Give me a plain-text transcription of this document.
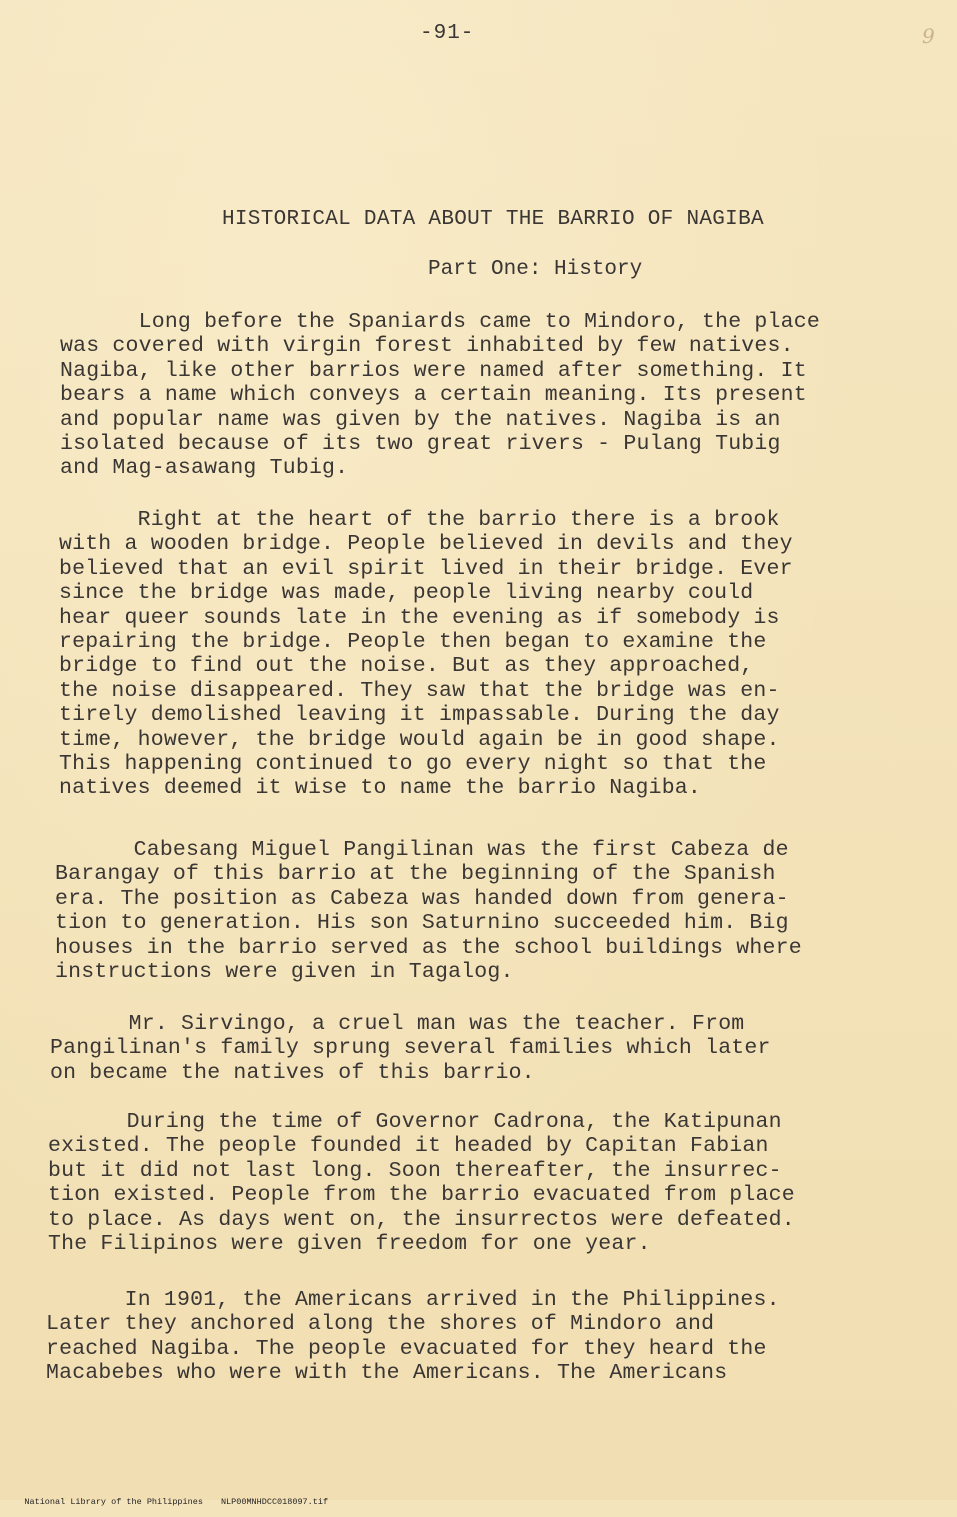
-91-	9
HISTORICAL DATA ABOUT THE BARRIO OF NAGIBA
Part One: History
Long before the Spaniards came to Mindoro, the place
was covered with virgin forest inhabited by few natives.
Nagiba, like other barrios were named after something. It
bears a name which conveys a certain meaning. Its present
and popular name was given by the natives. Nagiba is an
isolated because of its two great rivers - Pulang Tubig
and Mag-asawang Tubig.
Right at the heart of the barrio there is a brook
with a wooden bridge. People believed in devils and they
believed that an evil spirit lived in their bridge. Ever
since the bridge was made, people living nearby could
hear queer sounds late in the evening as if somebody is
repairing the bridge. People then began to examine the
bridge to find out the noise. But as they approached,
the noise disappeared. They saw that the bridge was en-
tirely demolished leaving it impassable. During the day
time, however, the bridge would again be in good shape.
This happening continued to go every night so that the
natives deemed it wise to name the barrio Nagiba.
Cabesang Miguel Pangilinan was the first Cabeza de
Barangay of this barrio at the beginning of the Spanish
era. The position as Cabeza was handed down from genera-
tion to generation. His son Saturnino succeeded him. Big
houses in the barrio served as the school buildings where
instructions were given in Tagalog.
Mr. Sirvingo, a cruel man was the teacher. From
Pangilinan's family sprung several families which later
on became the natives of this barrio.
During the time of Governor Cadrona, the Katipunan
existed. The people founded it headed by Capitan Fabian
but it did not last long. Soon thereafter, the insurrec-
tion existed. People from the barrio evacuated from place
to place. As days went on, the insurrectos were defeated.
The Filipinos were given freedom for one year.
In 1901, the Americans arrived in the Philippines.
Later they anchored along the shores of Mindoro and
reached Nagiba. The people evacuated for they heard the
Macabebes who were with the Americans. The Americans

National Library of the Philippines NLP00MNHDCC018097.tif
